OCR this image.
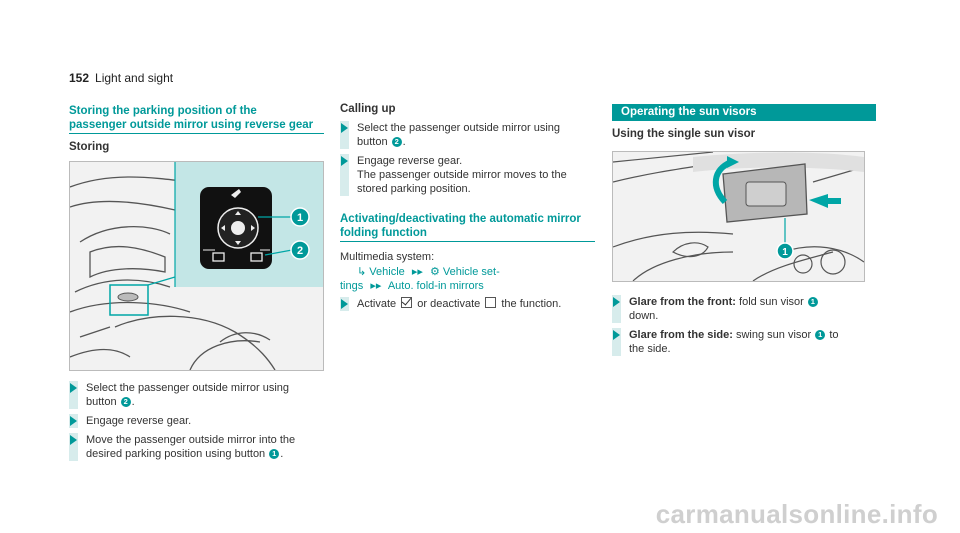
152 Light and sight
Storing the parking position of the
passenger outside mirror using reverse gear
Storing
1
2
Select the passenger outside mirror using
button 2 .
Engage reverse gear.
Move the passenger outside mirror into the
desired parking position using button 1 .
Calling up
Select the passenger outside mirror using
button 2 .
Engage reverse gear.
The passenger outside mirror moves to the
stored parking position.
Activating/deactivating the automatic mirror
folding function
Multimedia system:
↳ Vehicle ▸▸ ⚙ Vehicle set-
tings ▸▸ Auto. fold-in mirrors
Activate or deactivate the function.
Operating the sun visors
Using the single sun visor
1
Glare from the front: fold sun visor 1
down.
Glare from the side: swing sun visor 1 to
the side.
carmanualsonline.info
